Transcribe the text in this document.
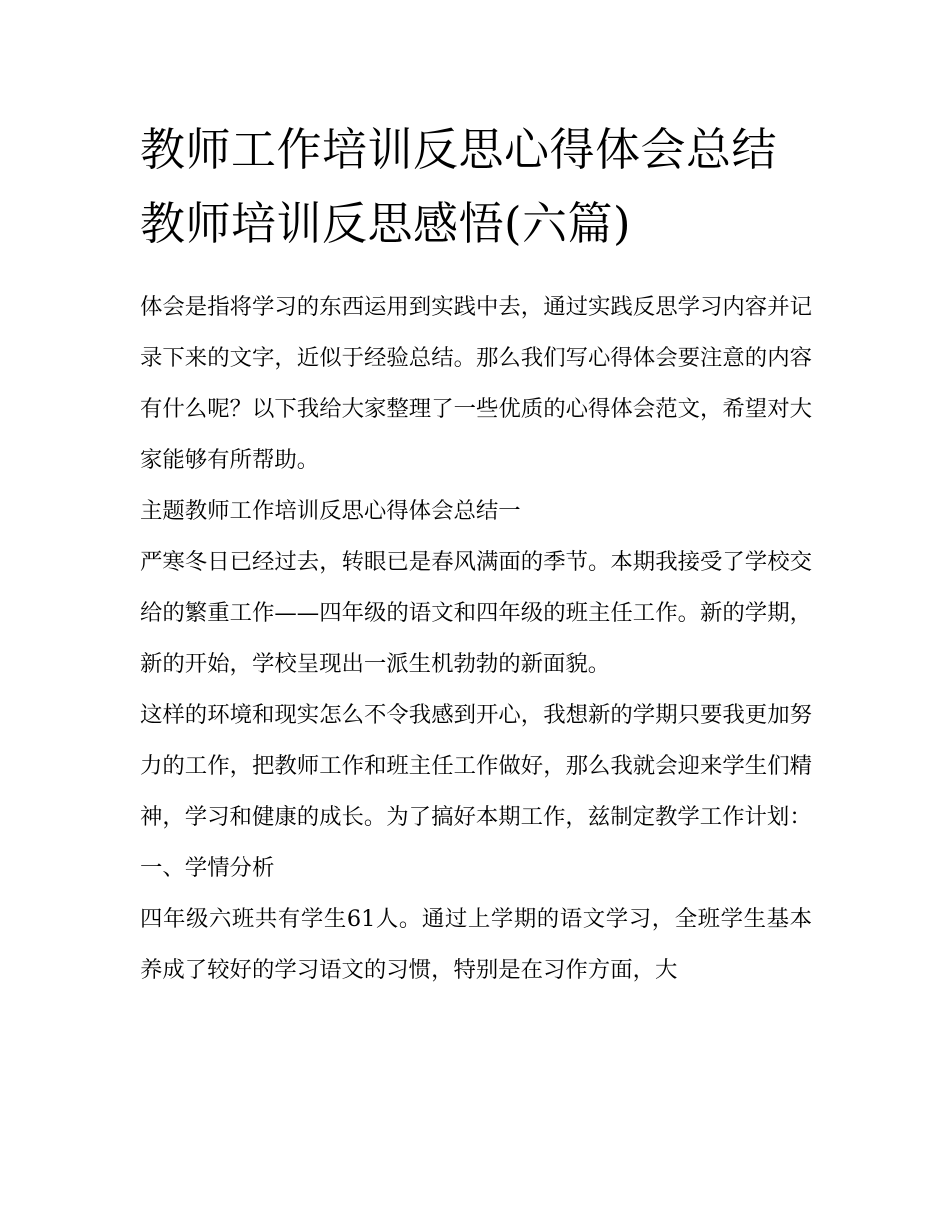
教师工作培训反思心得体会总结 教师培训反思感悟(六篇)

体会是指将学习的东西运用到实践中去，通过实践反思学习内容并记录下来的文字，近似于经验总结。那么我们写心得体会要注意的内容有什么呢？以下我给大家整理了一些优质的心得体会范文，希望对大家能够有所帮助。

主题教师工作培训反思心得体会总结一

严寒冬日已经过去，转眼已是春风满面的季节。本期我接受了学校交给的繁重工作——四年级的语文和四年级的班主任工作。新的学期，新的开始，学校呈现出一派生机勃勃的新面貌。

这样的环境和现实怎么不令我感到开心，我想新的学期只要我更加努力的工作，把教师工作和班主任工作做好，那么我就会迎来学生们精神，学习和健康的成长。为了搞好本期工作，兹制定教学工作计划：

一、学情分析

四年级六班共有学生61人。通过上学期的语文学习，全班学生基本养成了较好的学习语文的习惯，特别是在习作方面，大
